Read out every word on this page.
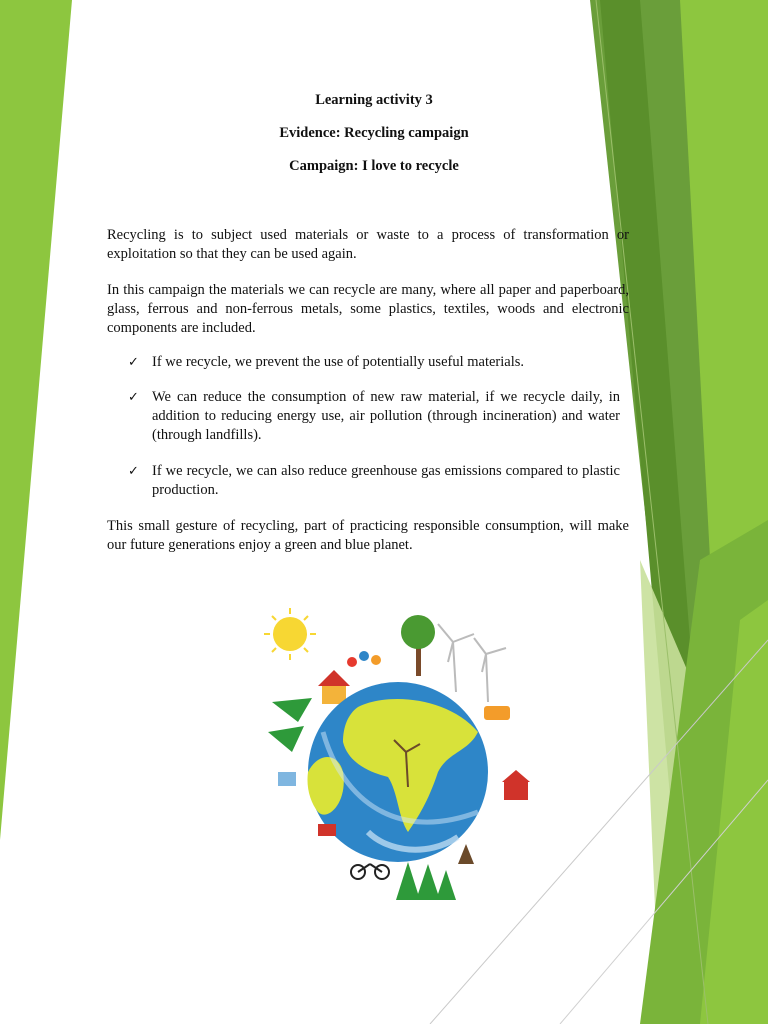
Learning activity 3
Evidence: Recycling campaign
Campaign: I love to recycle

Recycling is to subject used materials or waste to a process of transformation or exploitation so that they can be used again.

In this campaign the materials we can recycle are many, where all paper and paperboard, glass, ferrous and non-ferrous metals, some plastics, textiles, woods and electronic components are included.

✓ If we recycle, we prevent the use of potentially useful materials.
✓ We can reduce the consumption of new raw material, if we recycle daily, in addition to reducing energy use, air pollution (through incineration) and water (through landfills).
✓ If we recycle, we can also reduce greenhouse gas emissions compared to plastic production.

This small gesture of recycling, part of practicing responsible consumption, will make our future generations enjoy a green and blue planet.
